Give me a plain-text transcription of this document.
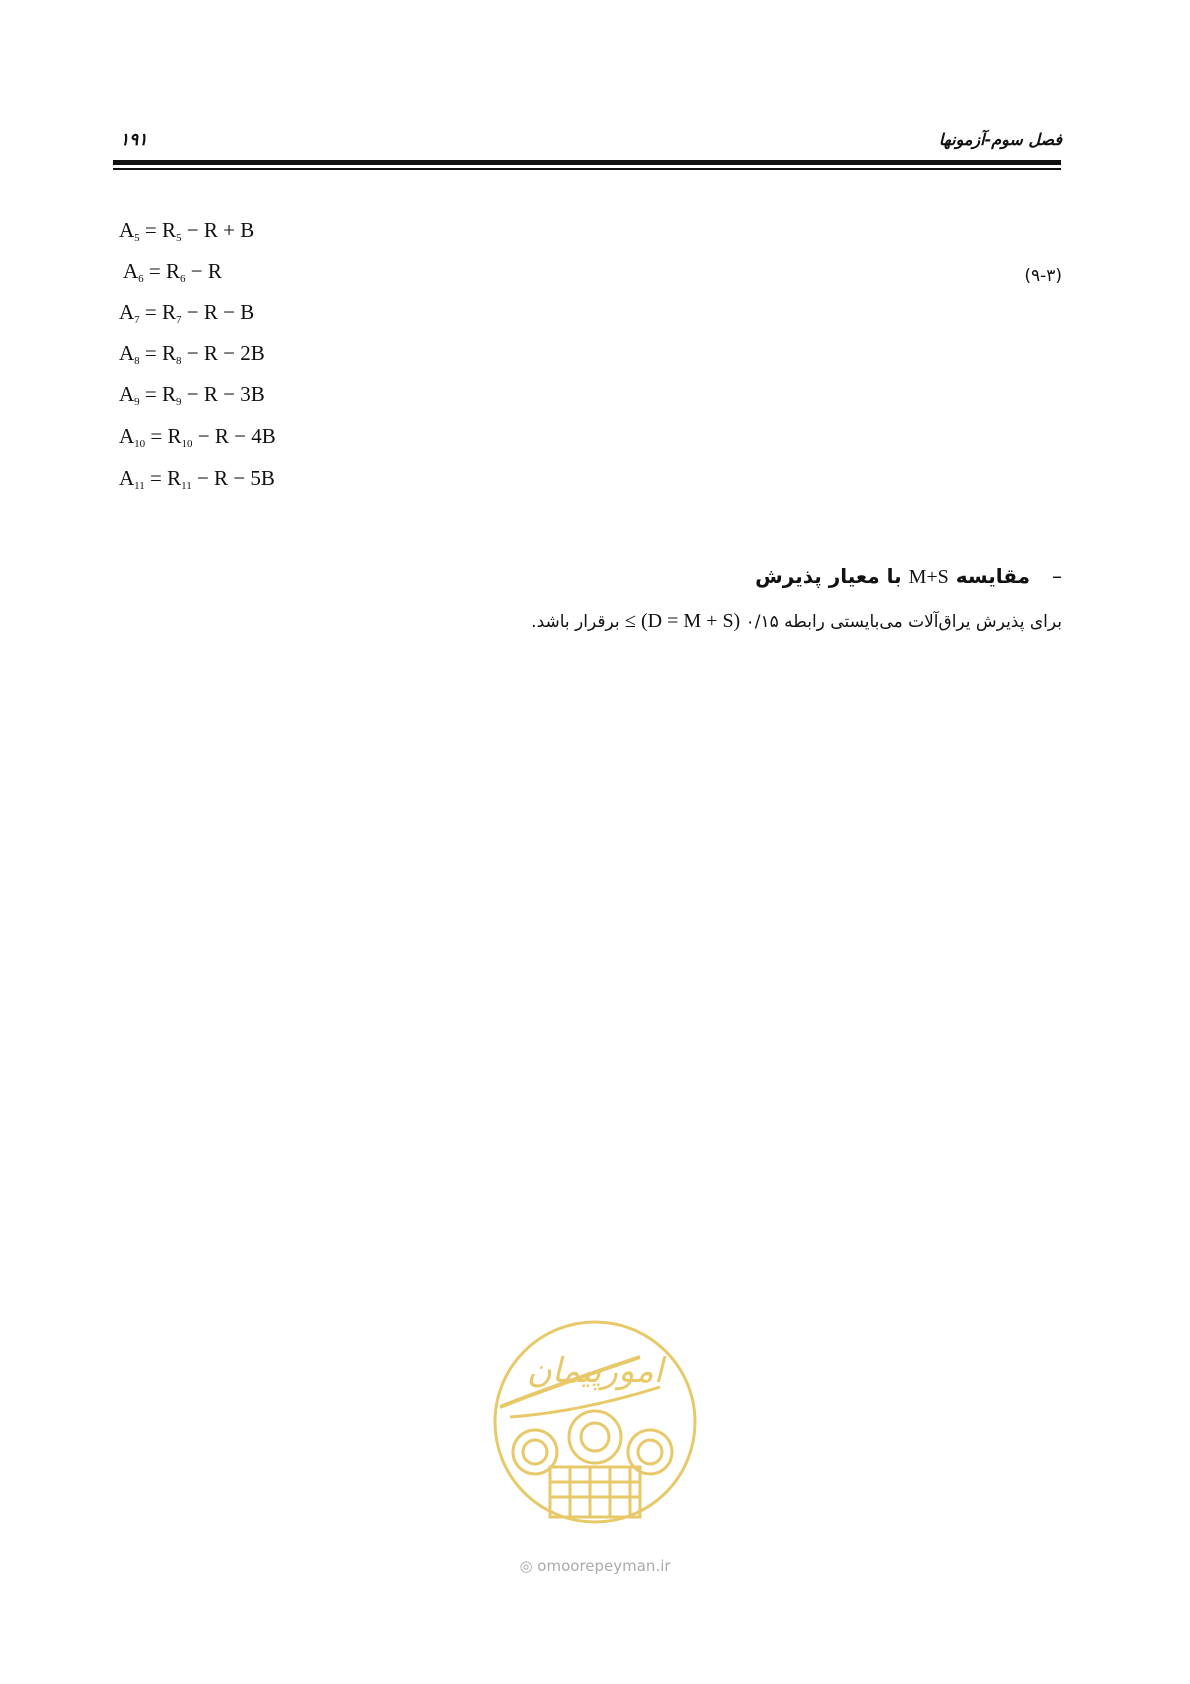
۱۹۱	فصل سوم-آزمونها
(۹-۳)
$A_5 = R_5 - R + B$
$A_6 = R_6 - R$
$A_7 = R_7 - R - B$
$A_8 = R_8 - R - 2B$
$A_9 = R_9 - R - 3B$
$A_{10} = R_{10} - R - 4B$
$A_{11} = R_{11} - R - 5B$
–مقایسه M+S با معیار پذیرش
برای پذیرش یراق‌آلات می‌بایستی رابطه ۰/۱۵ ≤ (D = M + S) برقرار باشد.
امورپیمان
◎ omoorepeyman.ir
